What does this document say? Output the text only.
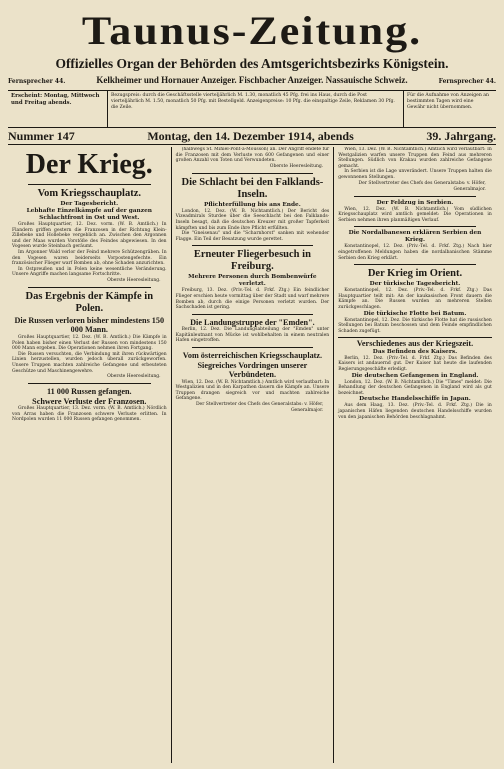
Taunus-Zeitung.
Offizielles Organ der Behörden des Amtsgerichtsbezirks Königstein.
Fernsprecher 44.	Kelkheimer und Hornauer Anzeiger. Fischbacher Anzeiger. Nassauische Schweiz.	Fernsprecher 44.
Erscheint: Montag, Mittwoch und Freitag abends.
Bezugspreis: durch die Geschäftsstelle vierteljährlich M. 1.30, monatlich 45 Pfg. frei ins Haus, durch die Post vierteljährlich M. 1.50, monatlich 50 Pfg. mit Bestellgeld. Anzeigenpreise: 10 Pfg. die einspaltige Zeile, Reklamen 30 Pfg. die Zeile.
Für die Aufnahme von Anzeigen an bestimmten Tagen wird eine Gewähr nicht übernommen.
Nummer 147	Montag, den 14. Dezember 1914, abends	39. Jahrgang.
Der Krieg.
Vom Kriegsschauplatz.
Der Tagesbericht.
Lebhafte Einzelkämpfe auf der ganzen Schlachtfront in Ost und West.

Großes Hauptquartier, 12. Dez. vorm. (W. B. Amtlich.) In Flandern griffen gestern die Franzosen in der Richtung Klein-Zillebeke und Hollebeke vergeblich an. Zwischen den Argonnen und der Maas wurden Vorstöße des Feindes abgewiesen. In den Vogesen wurde Steinbach geräumt.

Im Argonner Wald verlor der Feind mehrere Schützengräben. In den Vogesen waren beiderseits Vorpostengefechte. Ein französischer Flieger warf Bomben ab, ohne Schaden anzurichten.

In Ostpreußen und in Polen keine wesentliche Veränderung. Unsere Angriffe machen langsame Fortschritte.

Oberste Heeresleitung.
Das Ergebnis der Kämpfe in Polen.
Die Russen verloren bisher mindestens 150 000 Mann.

Großes Hauptquartier, 12. Dez. (W. B. Amtlich.) Die Kämpfe in Polen haben bisher einen Verlust der Russen von mindestens 150 000 Mann ergeben. Die Operationen nehmen ihren Fortgang.

Die Russen versuchten, die Verbindung mit ihren rückwärtigen Linien herzustellen, wurden jedoch überall zurückgeworfen. Unsere Truppen machten zahlreiche Gefangene und erbeuteten Geschütze und Maschinengewehre.

Oberste Heeresleitung.
11 000 Russen gefangen.
Schwere Verluste der Franzosen.

Großes Hauptquartier, 13. Dez. vorm. (W. B. Amtlich.) Nördlich von Arras haben die Franzosen schwere Verluste erlitten. In Nordpolen wurden 11 000 Russen gefangen genommen.

(halbwegs St. Mihiel-Pont-à-Mousson) an. Der Angriff endete für die Franzosen mit dem Verluste von 600 Gefangenen und einer großen Anzahl von Toten und Verwundeten.

Oberste Heeresleitung.
Die Schlacht bei den Falklands-Inseln.
Pflichterfüllung bis ans Ende.

London, 12. Dez. (W. B. Nichtamtlich.) Der Bericht des Vizeadmirals Sturdee über die Seeschlacht bei den Falklands-Inseln besagt, daß die deutschen Kreuzer mit großer Tapferkeit kämpften und bis zum Ende ihre Pflicht erfüllten.

Die "Gneisenau" und die "Scharnhorst" sanken mit wehender Flagge. Ein Teil der Besatzung wurde gerettet.

Erneuter Fliegerbesuch in Freiburg.
Mehrere Personen durch Bombenwürfe verletzt.

Freiburg, 13. Dez. (Priv.-Tel. d. Frkf. Ztg.) Ein feindlicher Flieger erschien heute vormittag über der Stadt und warf mehrere Bomben ab, durch die einige Personen verletzt wurden. Der Sachschaden ist gering.

Die Landungstruppe der "Emden".

Berlin, 12. Dez. Die Landungsabteilung der "Emden" unter Kapitänleutnant von Mücke ist wohlbehalten in einem neutralen Hafen eingetroffen.

Vom österreichischen Kriegsschauplatz.
Siegreiches Vordringen unserer Verbündeten.

Wien, 12. Dez. (W. B. Nichtamtlich.) Amtlich wird verlautbart: In Westgalizien und in den Karpathen dauern die Kämpfe an. Unsere Truppen drangen siegreich vor und machten zahlreiche Gefangene.

Der Stellvertreter des Chefs des Generalstabs: v. Höfer, Generalmajor.

Wien, 13. Dez. (W. B. Nichtamtlich.) Amtlich wird verlautbart: In Westgalizien warfen unsere Truppen den Feind aus mehreren Stellungen. Südlich von Krakau wurden zahlreiche Gefangene gemacht.

In Serbien ist die Lage unverändert. Unsere Truppen halten die gewonnenen Stellungen.

Der Stellvertreter des Chefs des Generalstabs: v. Höfer, Generalmajor.
Der Feldzug in Serbien.

Wien, 12. Dez. (W. B. Nichtamtlich.) Vom südlichen Kriegsschauplatz wird amtlich gemeldet: Die Operationen in Serbien nehmen ihren planmäßigen Verlauf.

Die Nordalbanesen erklären Serbien den Krieg.

Konstantinopel, 12. Dez. (Priv.-Tel. d. Frkf. Ztg.) Nach hier eingetroffenen Meldungen haben die nordalbanischen Stämme Serbien den Krieg erklärt.

Der Krieg im Orient.
Der türkische Tagesbericht.

Konstantinopel, 12. Dez. (Priv.-Tel. d. Frkf. Ztg.) Das Hauptquartier teilt mit: An der kaukasischen Front dauern die Kämpfe an. Die Russen wurden an mehreren Stellen zurückgeschlagen.

Die türkische Flotte bei Batum.

Konstantinopel, 12. Dez. Die türkische Flotte hat die russischen Stellungen bei Batum beschossen und dem Feinde empfindlichen Schaden zugefügt.

Verschiedenes aus der Kriegszeit.
Das Befinden des Kaisers.

Berlin, 12. Dez. (Priv.-Tel. d. Frkf. Ztg.) Das Befinden des Kaisers ist andauernd gut. Der Kaiser hat heute die laufenden Regierungsgeschäfte erledigt.

Die deutschen Gefangenen in England.

London, 12. Dez. (W. B. Nichtamtlich.) Die "Times" meldet: Die Behandlung der deutschen Gefangenen in England wird als gut bezeichnet.

Deutsche Handelsschiffe in Japan.

Aus dem Haag, 13. Dez. (Priv.-Tel. d. Frkf. Ztg.) Die in japanischen Häfen liegenden deutschen Handelsschiffe wurden von den japanischen Behörden beschlagnahmt.
